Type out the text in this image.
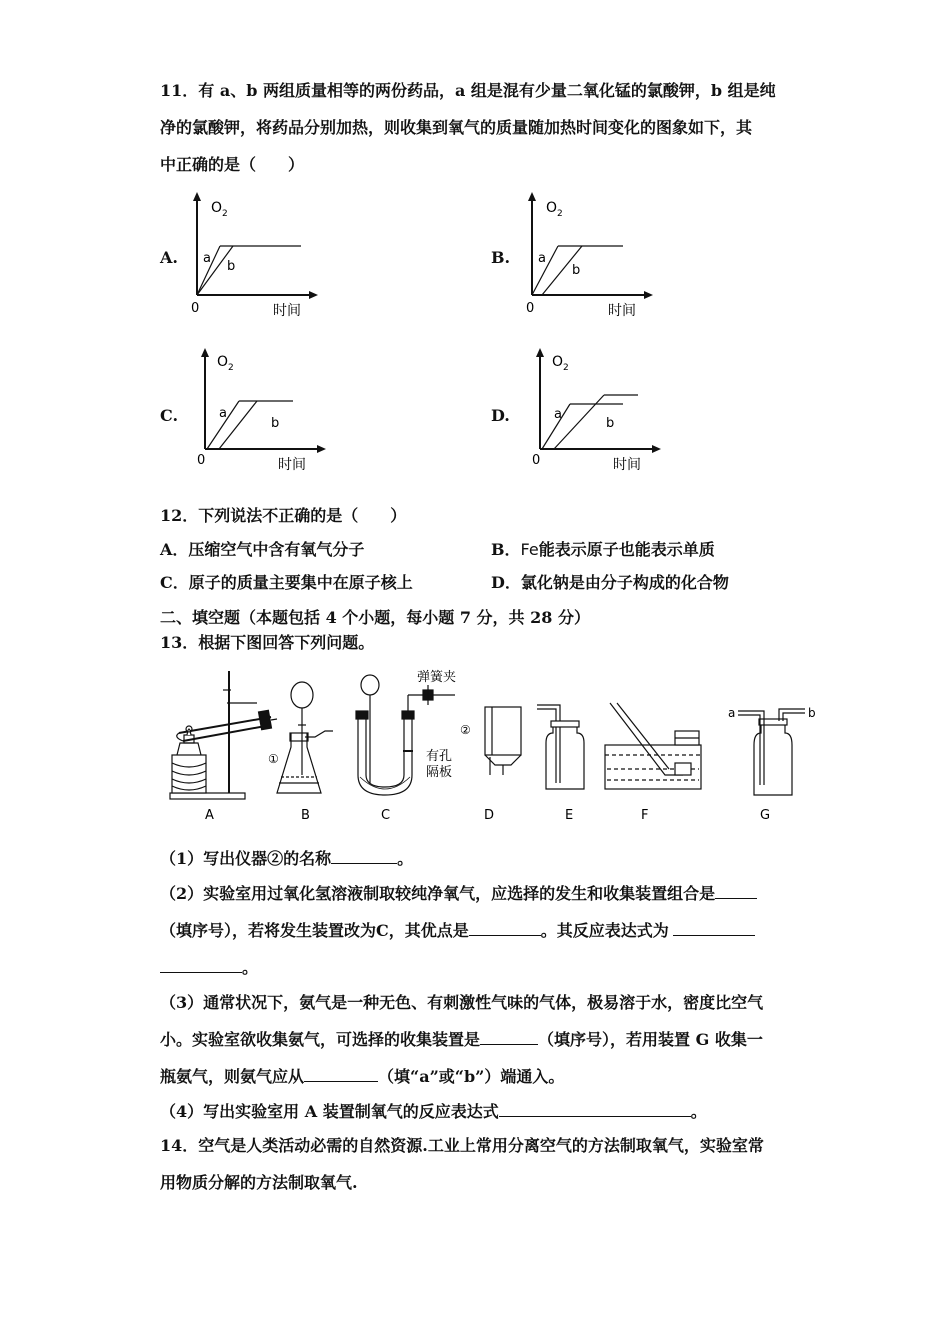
11．有 a、b 两组质量相等的两份药品，a 组是混有少量二氧化锰的氯酸钾，b 组是纯
净的氯酸钾，将药品分别加热，则收集到氧气的质量随加热时间变化的图象如下，其
中正确的是（　　）
A.
O 2
0	时间
a
b	B.
O 2
0	时间
a
b
C.
O 2
0	时间
a
b	D.
O 2
0	时间
a
b
12．下列说法不正确的是（　　）
A．压缩空气中含有氧气分子	B．Fe能表示原子也能表示单质
C．原子的质量主要集中在原子核上	D．氯化钠是由分子构成的化合物
二、填空题（本题包括 4 个小题，每小题 7 分，共 28 分）
13．根据下图回答下列问题。
A
①
B
弹簧夹
有孔
隔板
C
②
D	E	F
a	b
G
（1）写出仪器②的名称	。
（2）实验室用过氧化氢溶液制取较纯净氧气，应选择的发生和收集装置组合是
（填序号），若将发生装置改为C，其优点是	。其反应表达式为
。
（3）通常状况下，氨气是一种无色、有刺激性气味的气体，极易溶于水，密度比空气
小。实验室欲收集氨气，可选择的收集装置是	（填序号），若用装置 G 收集一
瓶氨气，则氨气应从	（填“a”或“b”）端通入。
（4）写出实验室用 A 装置制氧气的反应表达式	。
14．空气是人类活动必需的自然资源.工业上常用分离空气的方法制取氧气，实验室常
用物质分解的方法制取氧气.
